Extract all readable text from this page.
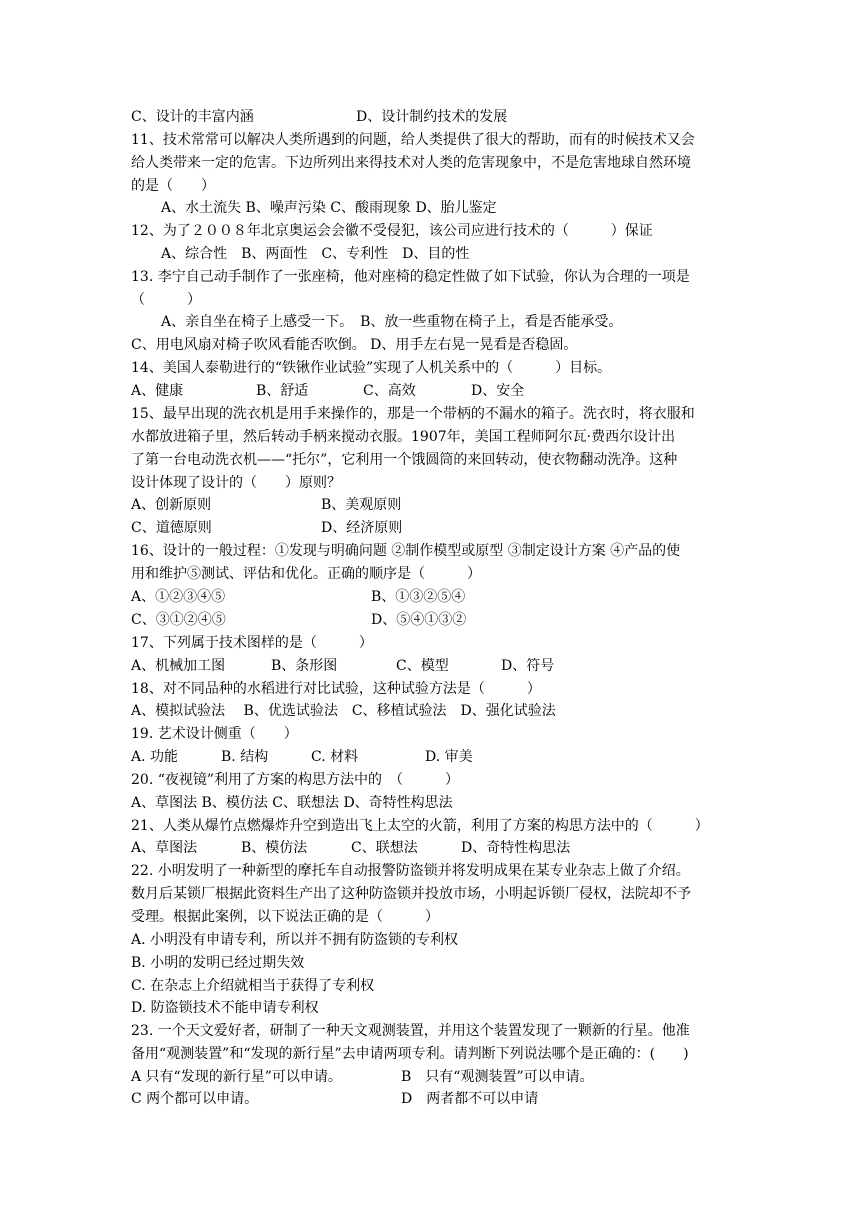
C、设计的丰富内涵	D、设计制约技术的发展
11、技术常常可以解决人类所遇到的问题，给人类提供了很大的帮助，而有的时候技术又会
给人类带来一定的危害。下边所列出来得技术对人类的危害现象中，不是危害地球自然环境
的是（　　）
A、水土流失 B、噪声污染 C、酸雨现象 D、胎儿鉴定
12、为了２００８年北京奥运会会徽不受侵犯，该公司应进行技术的（　　　）保证
A、综合性　B、两面性　C、专利性　D、目的性
13. 李宁自己动手制作了一张座椅，他对座椅的稳定性做了如下试验，你认为合理的一项是
（　　　）
A、亲自坐在椅子上感受一下。　B、放一些重物在椅子上，看是否能承受。
C、用电风扇对椅子吹风看能否吹倒。 D、用手左右晃一晃看是否稳固。
14、美国人泰勒进行的“铁锹作业试验”实现了人机关系中的（　　　）目标。
A、健康	B、舒适	C、高效	D、安全
15、最早出现的洗衣机是用手来操作的，那是一个带柄的不漏水的箱子。洗衣时，将衣服和
水都放进箱子里，然后转动手柄来搅动衣服。1907年，美国工程师阿尔瓦·费西尔设计出
了第一台电动洗衣机——“托尔”，它利用一个饿圆筒的来回转动，使衣物翻动洗净。这种
设计体现了设计的（　　）原则？
A、创新原则	B、美观原则
C、道德原则	D、经济原则
16、设计的一般过程：①发现与明确问题 ②制作模型或原型 ③制定设计方案 ④产品的使
用和维护⑤测试、评估和优化。正确的顺序是（　　　）
A、①②③④⑤	B、①③②⑤④
C、③①②④⑤	D、⑤④①③②
17、下列属于技术图样的是（　　　）
A、机械加工图	B、条形图	C、模型	D、符号
18、对不同品种的水稻进行对比试验，这种试验方法是（　　　）
A、模拟试验法　 B、优选试验法　C、移植试验法　D、强化试验法
19. 艺术设计侧重（　　）
A. 功能	B. 结构	C. 材料	D. 审美
20. “夜视镜”利用了方案的构思方法中的　（　　　）
A、草图法 B、模仿法 C、联想法 D、奇特性构思法
21、人类从爆竹点燃爆炸升空到造出飞上太空的火箭，利用了方案的构思方法中的（　　　）
A、草图法	B、模仿法	C、联想法	D、奇特性构思法
22. 小明发明了一种新型的摩托车自动报警防盗锁并将发明成果在某专业杂志上做了介绍。
数月后某锁厂根据此资料生产出了这种防盗锁并投放市场，小明起诉锁厂侵权，法院却不予
受理。根据此案例，以下说法正确的是（　　　）
A. 小明没有申请专利，所以并不拥有防盗锁的专利权
B. 小明的发明已经过期失效
C. 在杂志上介绍就相当于获得了专利权
D. 防盗锁技术不能申请专利权
23. 一个天文爱好者，研制了一种天文观测装置，并用这个装置发现了一颗新的行星。他准
备用“观测装置”和“发现的新行星”去申请两项专利。请判断下列说法哪个是正确的：(　　)
A 只有“发现的新行星”可以申请。	B　只有“观测装置”可以申请。
C 两个都可以申请。	D　两者都不可以申请
